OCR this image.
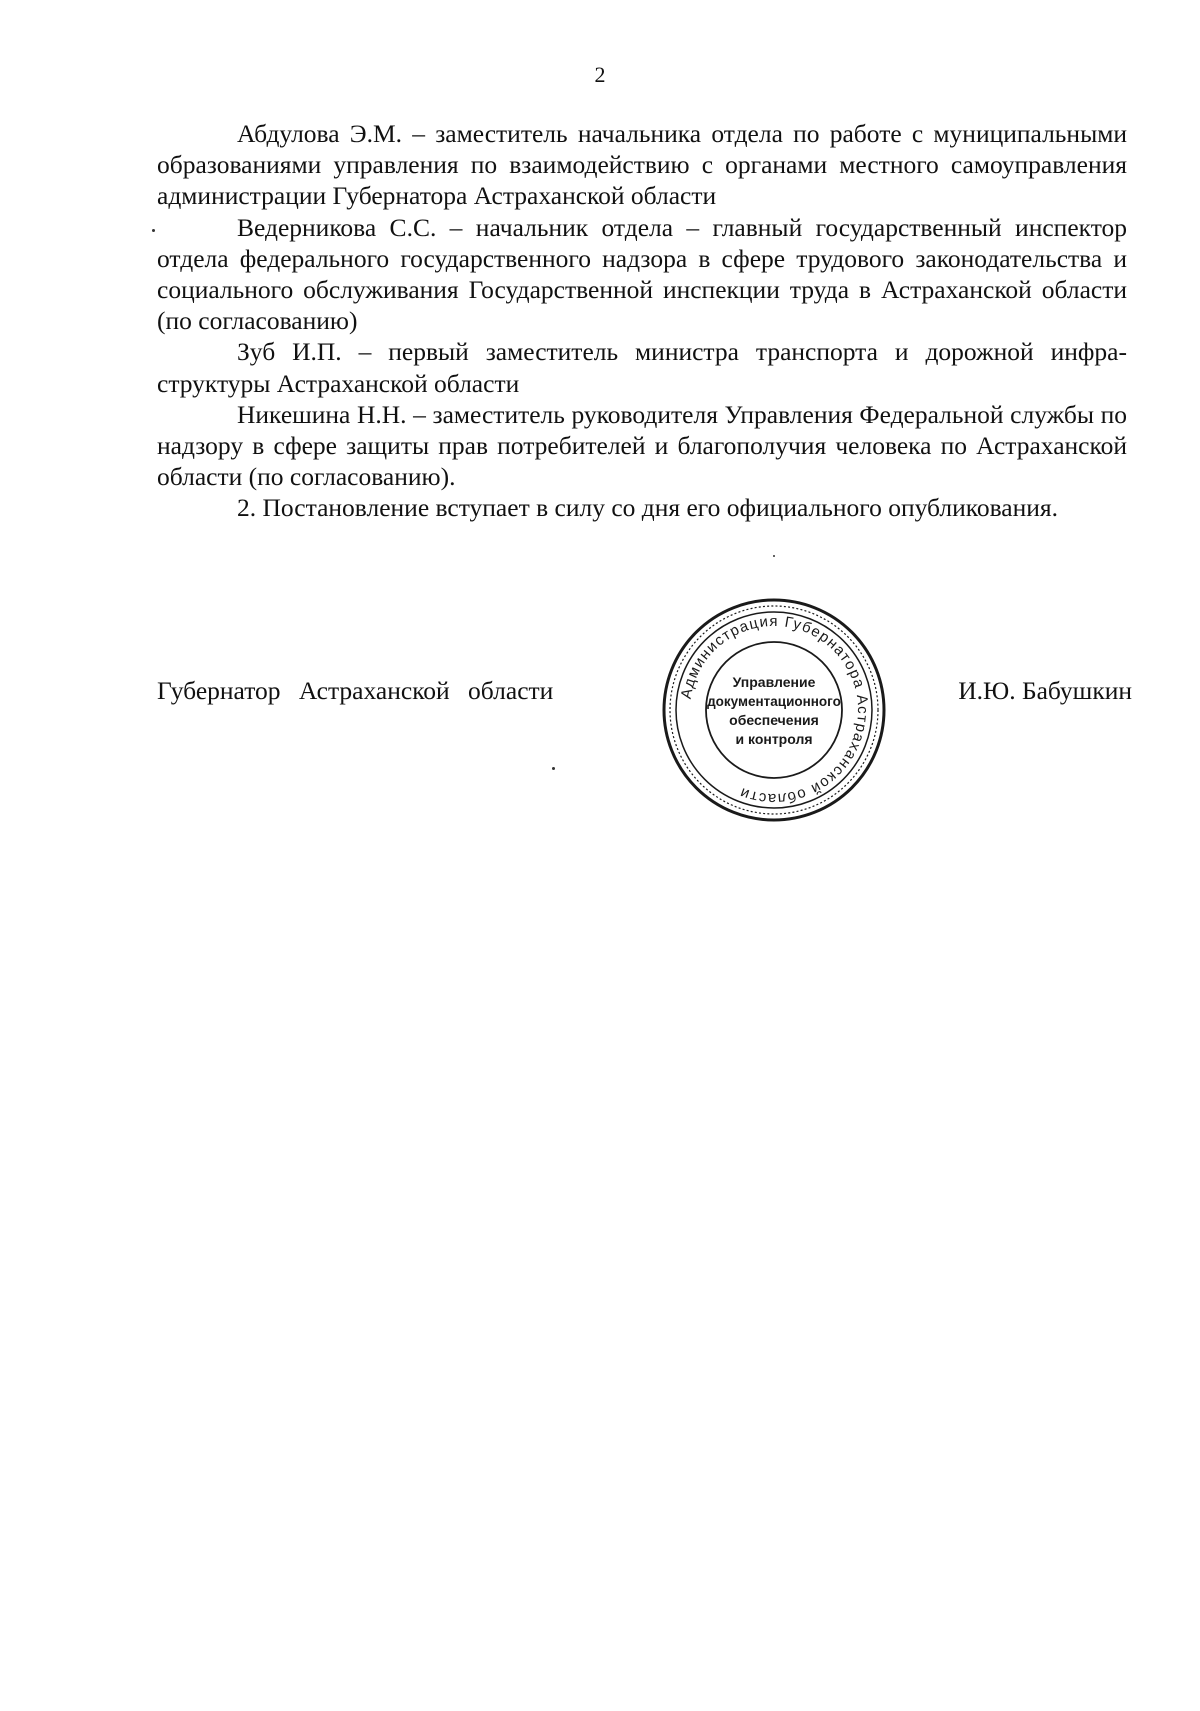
2

Абдулова Э.М. – заместитель начальника отдела по работе с муниципальными образованиями управления по взаимодействию с органами местного самоуправления администрации Губернатора Астраханской области

Ведерникова С.С. – начальник отдела – главный государственный инспектор отдела федерального государственного надзора в сфере трудового законодательства и социального обслуживания Государственной инспекции труда в Астраханской области (по согласованию)

Зуб И.П. – первый заместитель министра транспорта и дорожной инфраструктуры Астраханской области

Никешина Н.Н. – заместитель руководителя Управления Федеральной службы по надзору в сфере защиты прав потребителей и благополучия человека по Астраханской области (по согласованию).

2. Постановление вступает в силу со дня его официального опубликования.

Губернатор Астраханской области	И.Ю. Бабушкин
Администрация Губернатора Астраханской области
Управление
документационного
обеспечения
и контроля
